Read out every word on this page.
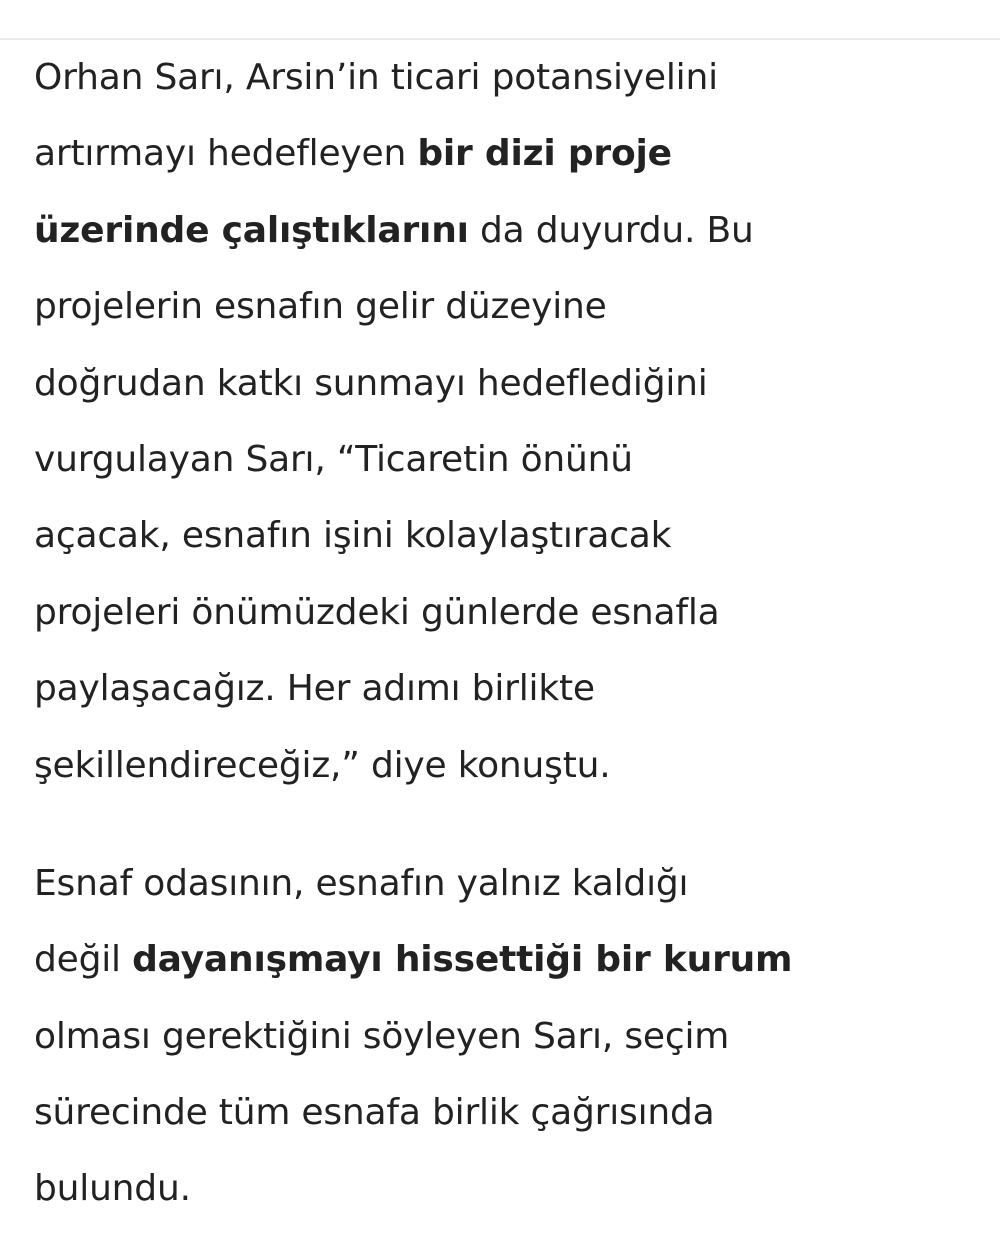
Orhan Sarı, Arsin’in ticari potansiyelini
artırmayı hedefleyen bir dizi proje
üzerinde çalıştıklarını da duyurdu. Bu
projelerin esnafın gelir düzeyine
doğrudan katkı sunmayı hedeflediğini
vurgulayan Sarı, “Ticaretin önünü
açacak, esnafın işini kolaylaştıracak
projeleri önümüzdeki günlerde esnafla
paylaşacağız. Her adımı birlikte
şekillendireceğiz,” diye konuştu.

Esnaf odasının, esnafın yalnız kaldığı
değil dayanışmayı hissettiği bir kurum
olması gerektiğini söyleyen Sarı, seçim
sürecinde tüm esnafa birlik çağrısında
bulundu.
